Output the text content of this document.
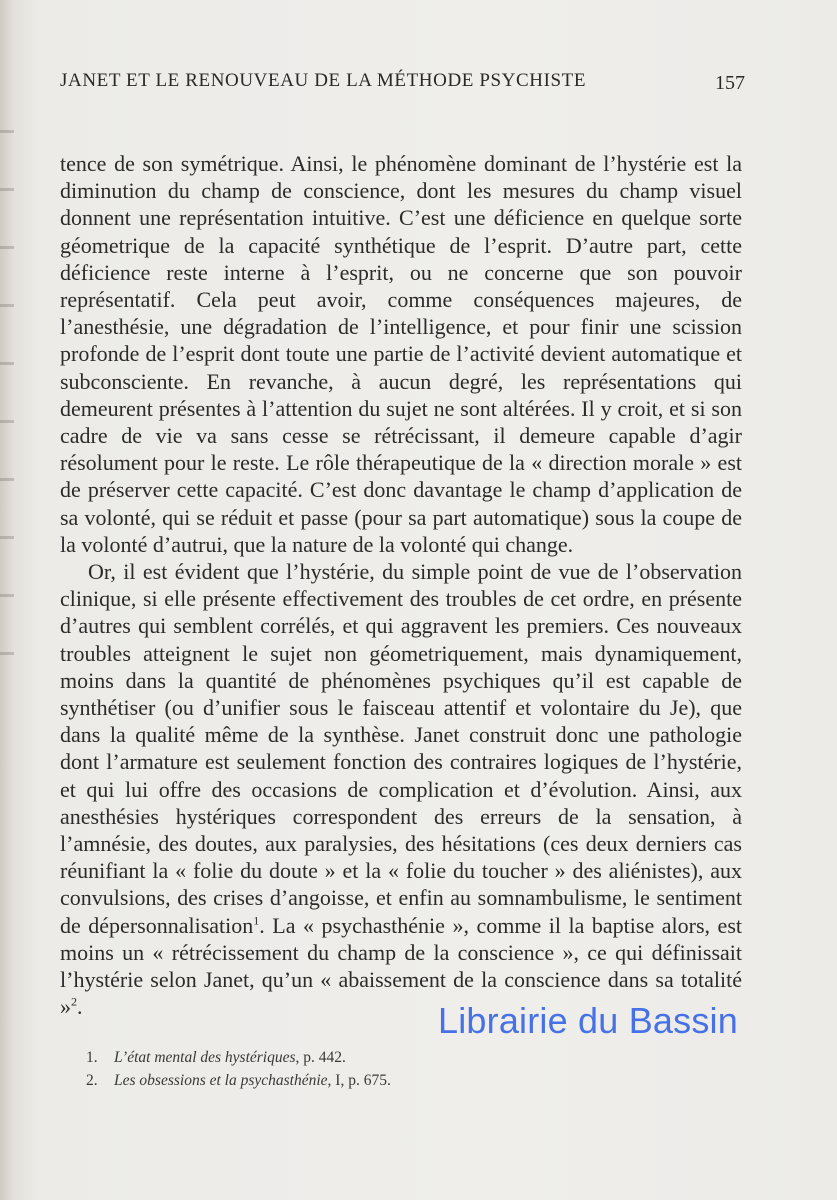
JANET ET LE RENOUVEAU DE LA MÉTHODE PSYCHISTE	157

tence de son symétrique. Ainsi, le phénomène dominant de l’hystérie est la diminution du champ de conscience, dont les mesures du champ visuel donnent une représentation intuitive. C’est une déficience en quelque sorte géometrique de la capacité synthétique de l’esprit. D’autre part, cette déficience reste interne à l’esprit, ou ne concerne que son pouvoir représentatif. Cela peut avoir, comme conséquences majeures, de l’anesthésie, une dégradation de l’intelligence, et pour finir une scission profonde de l’esprit dont toute une partie de l’activité devient automatique et subconsciente. En revanche, à aucun degré, les représentations qui demeurent présentes à l’attention du sujet ne sont altérées. Il y croit, et si son cadre de vie va sans cesse se rétrécissant, il demeure capable d’agir résolument pour le reste. Le rôle thérapeutique de la « direction morale » est de préserver cette capacité. C’est donc davantage le champ d’application de sa volonté, qui se réduit et passe (pour sa part automatique) sous la coupe de la volonté d’autrui, que la nature de la volonté qui change.

Or, il est évident que l’hystérie, du simple point de vue de l’observation clinique, si elle présente effectivement des troubles de cet ordre, en présente d’autres qui semblent corrélés, et qui aggravent les premiers. Ces nouveaux troubles atteignent le sujet non géometriquement, mais dynamiquement, moins dans la quantité de phénomènes psychiques qu’il est capable de synthétiser (ou d’unifier sous le faisceau attentif et volontaire du Je), que dans la qualité même de la synthèse. Janet construit donc une pathologie dont l’armature est seulement fonction des contraires logiques de l’hystérie, et qui lui offre des occasions de complication et d’évolution. Ainsi, aux anesthésies hystériques correspondent des erreurs de la sensation, à l’amnésie, des doutes, aux paralysies, des hésitations (ces deux derniers cas réunifiant la « folie du doute » et la « folie du toucher » des aliénistes), aux convulsions, des crises d’angoisse, et enfin au somnambulisme, le sentiment de dépersonnalisation$^1$. La « psychasthénie », comme il la baptise alors, est moins un « rétrécissement du champ de la conscience », ce qui définissait l’hystérie selon Janet, qu’un « abaissement de la conscience dans sa totalité »$^2$.

1.	L’état mental des hystériques, p. 442.
2.	Les obsessions et la psychasthénie, I, p. 675.
Librairie du Bassin
